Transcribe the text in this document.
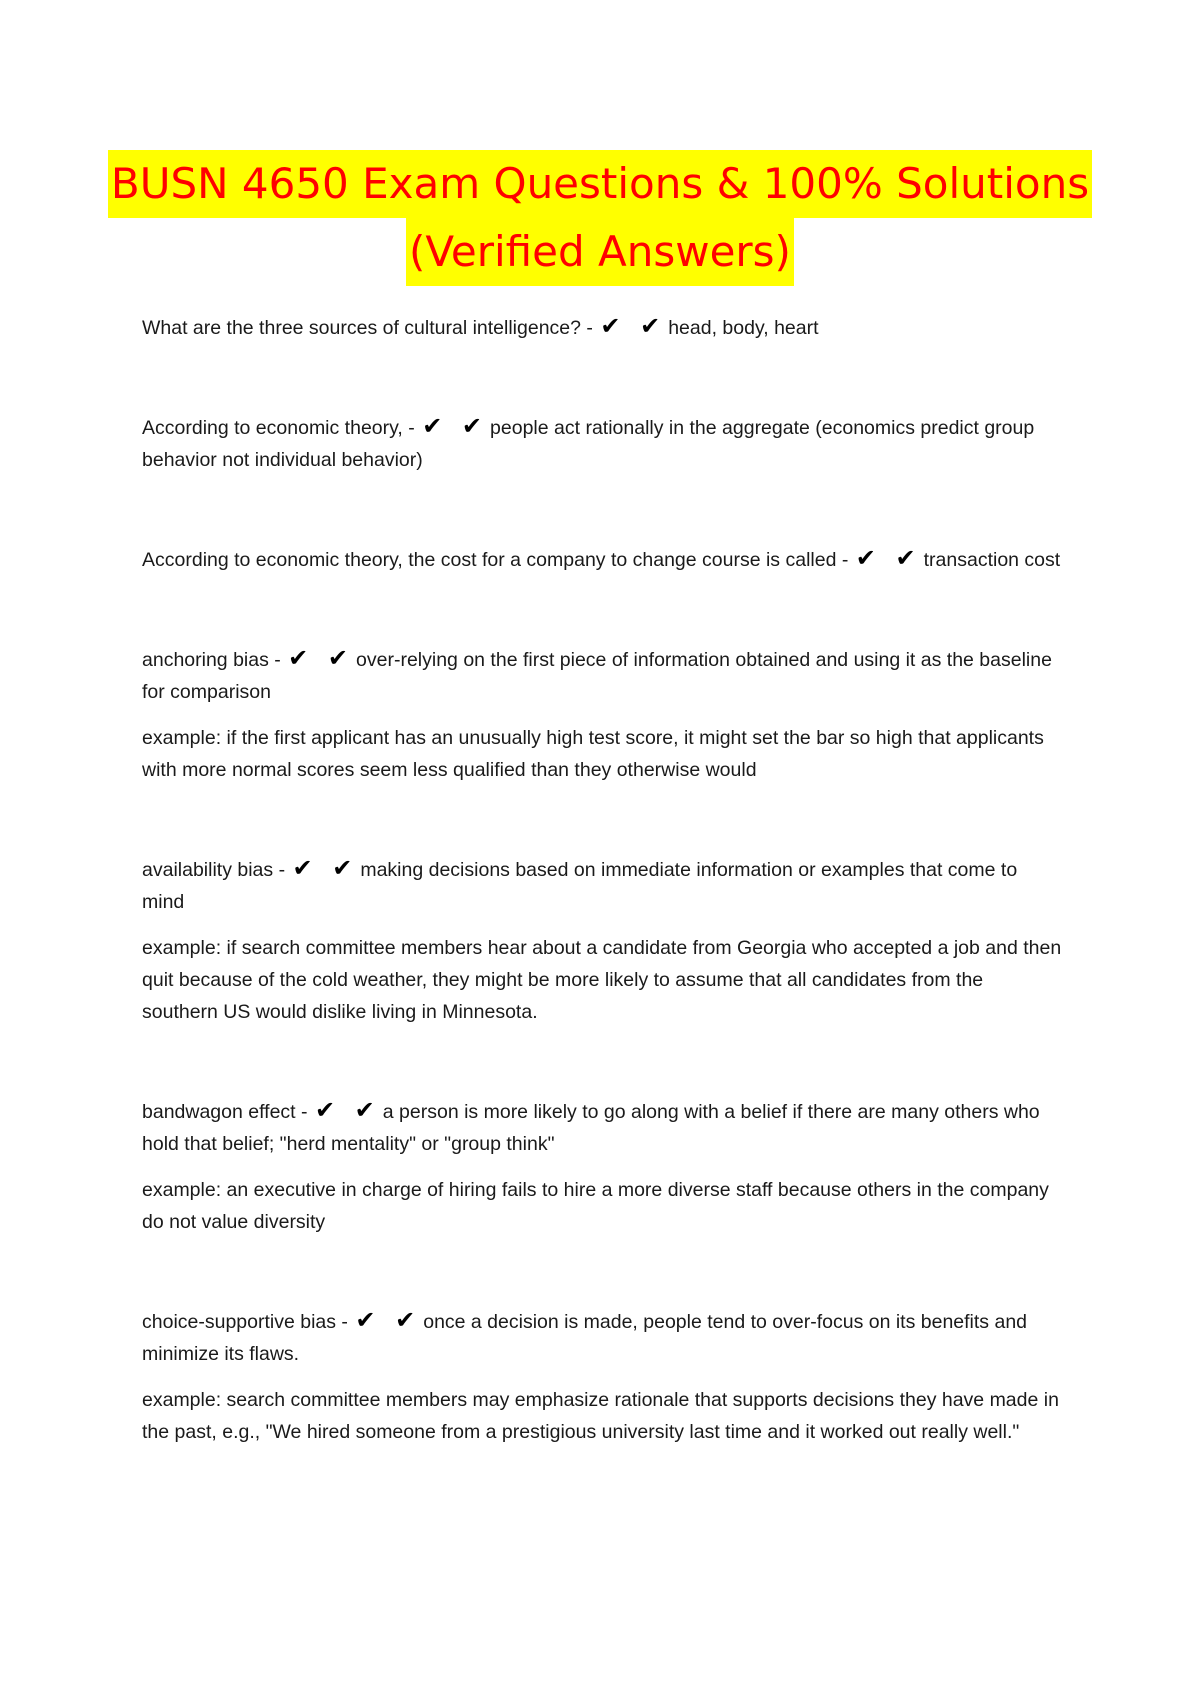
BUSN 4650 Exam Questions & 100% Solutions
(Verified Answers)

What are the three sources of cultural intelligence? - ✔ ✔ head, body, heart

According to economic theory, - ✔ ✔ people act rationally in the aggregate (economics predict group behavior not individual behavior)

According to economic theory, the cost for a company to change course is called - ✔ ✔ transaction cost

anchoring bias - ✔ ✔ over-relying on the first piece of information obtained and using it as the baseline for comparison

example: if the first applicant has an unusually high test score, it might set the bar so high that applicants with more normal scores seem less qualified than they otherwise would

availability bias - ✔ ✔ making decisions based on immediate information or examples that come to mind

example: if search committee members hear about a candidate from Georgia who accepted a job and then quit because of the cold weather, they might be more likely to assume that all candidates from the southern US would dislike living in Minnesota.

bandwagon effect - ✔ ✔ a person is more likely to go along with a belief if there are many others who hold that belief; "herd mentality" or "group think"

example: an executive in charge of hiring fails to hire a more diverse staff because others in the company do not value diversity

choice-supportive bias - ✔ ✔ once a decision is made, people tend to over-focus on its benefits and minimize its flaws.

example: search committee members may emphasize rationale that supports decisions they have made in the past, e.g., "We hired someone from a prestigious university last time and it worked out really well."
